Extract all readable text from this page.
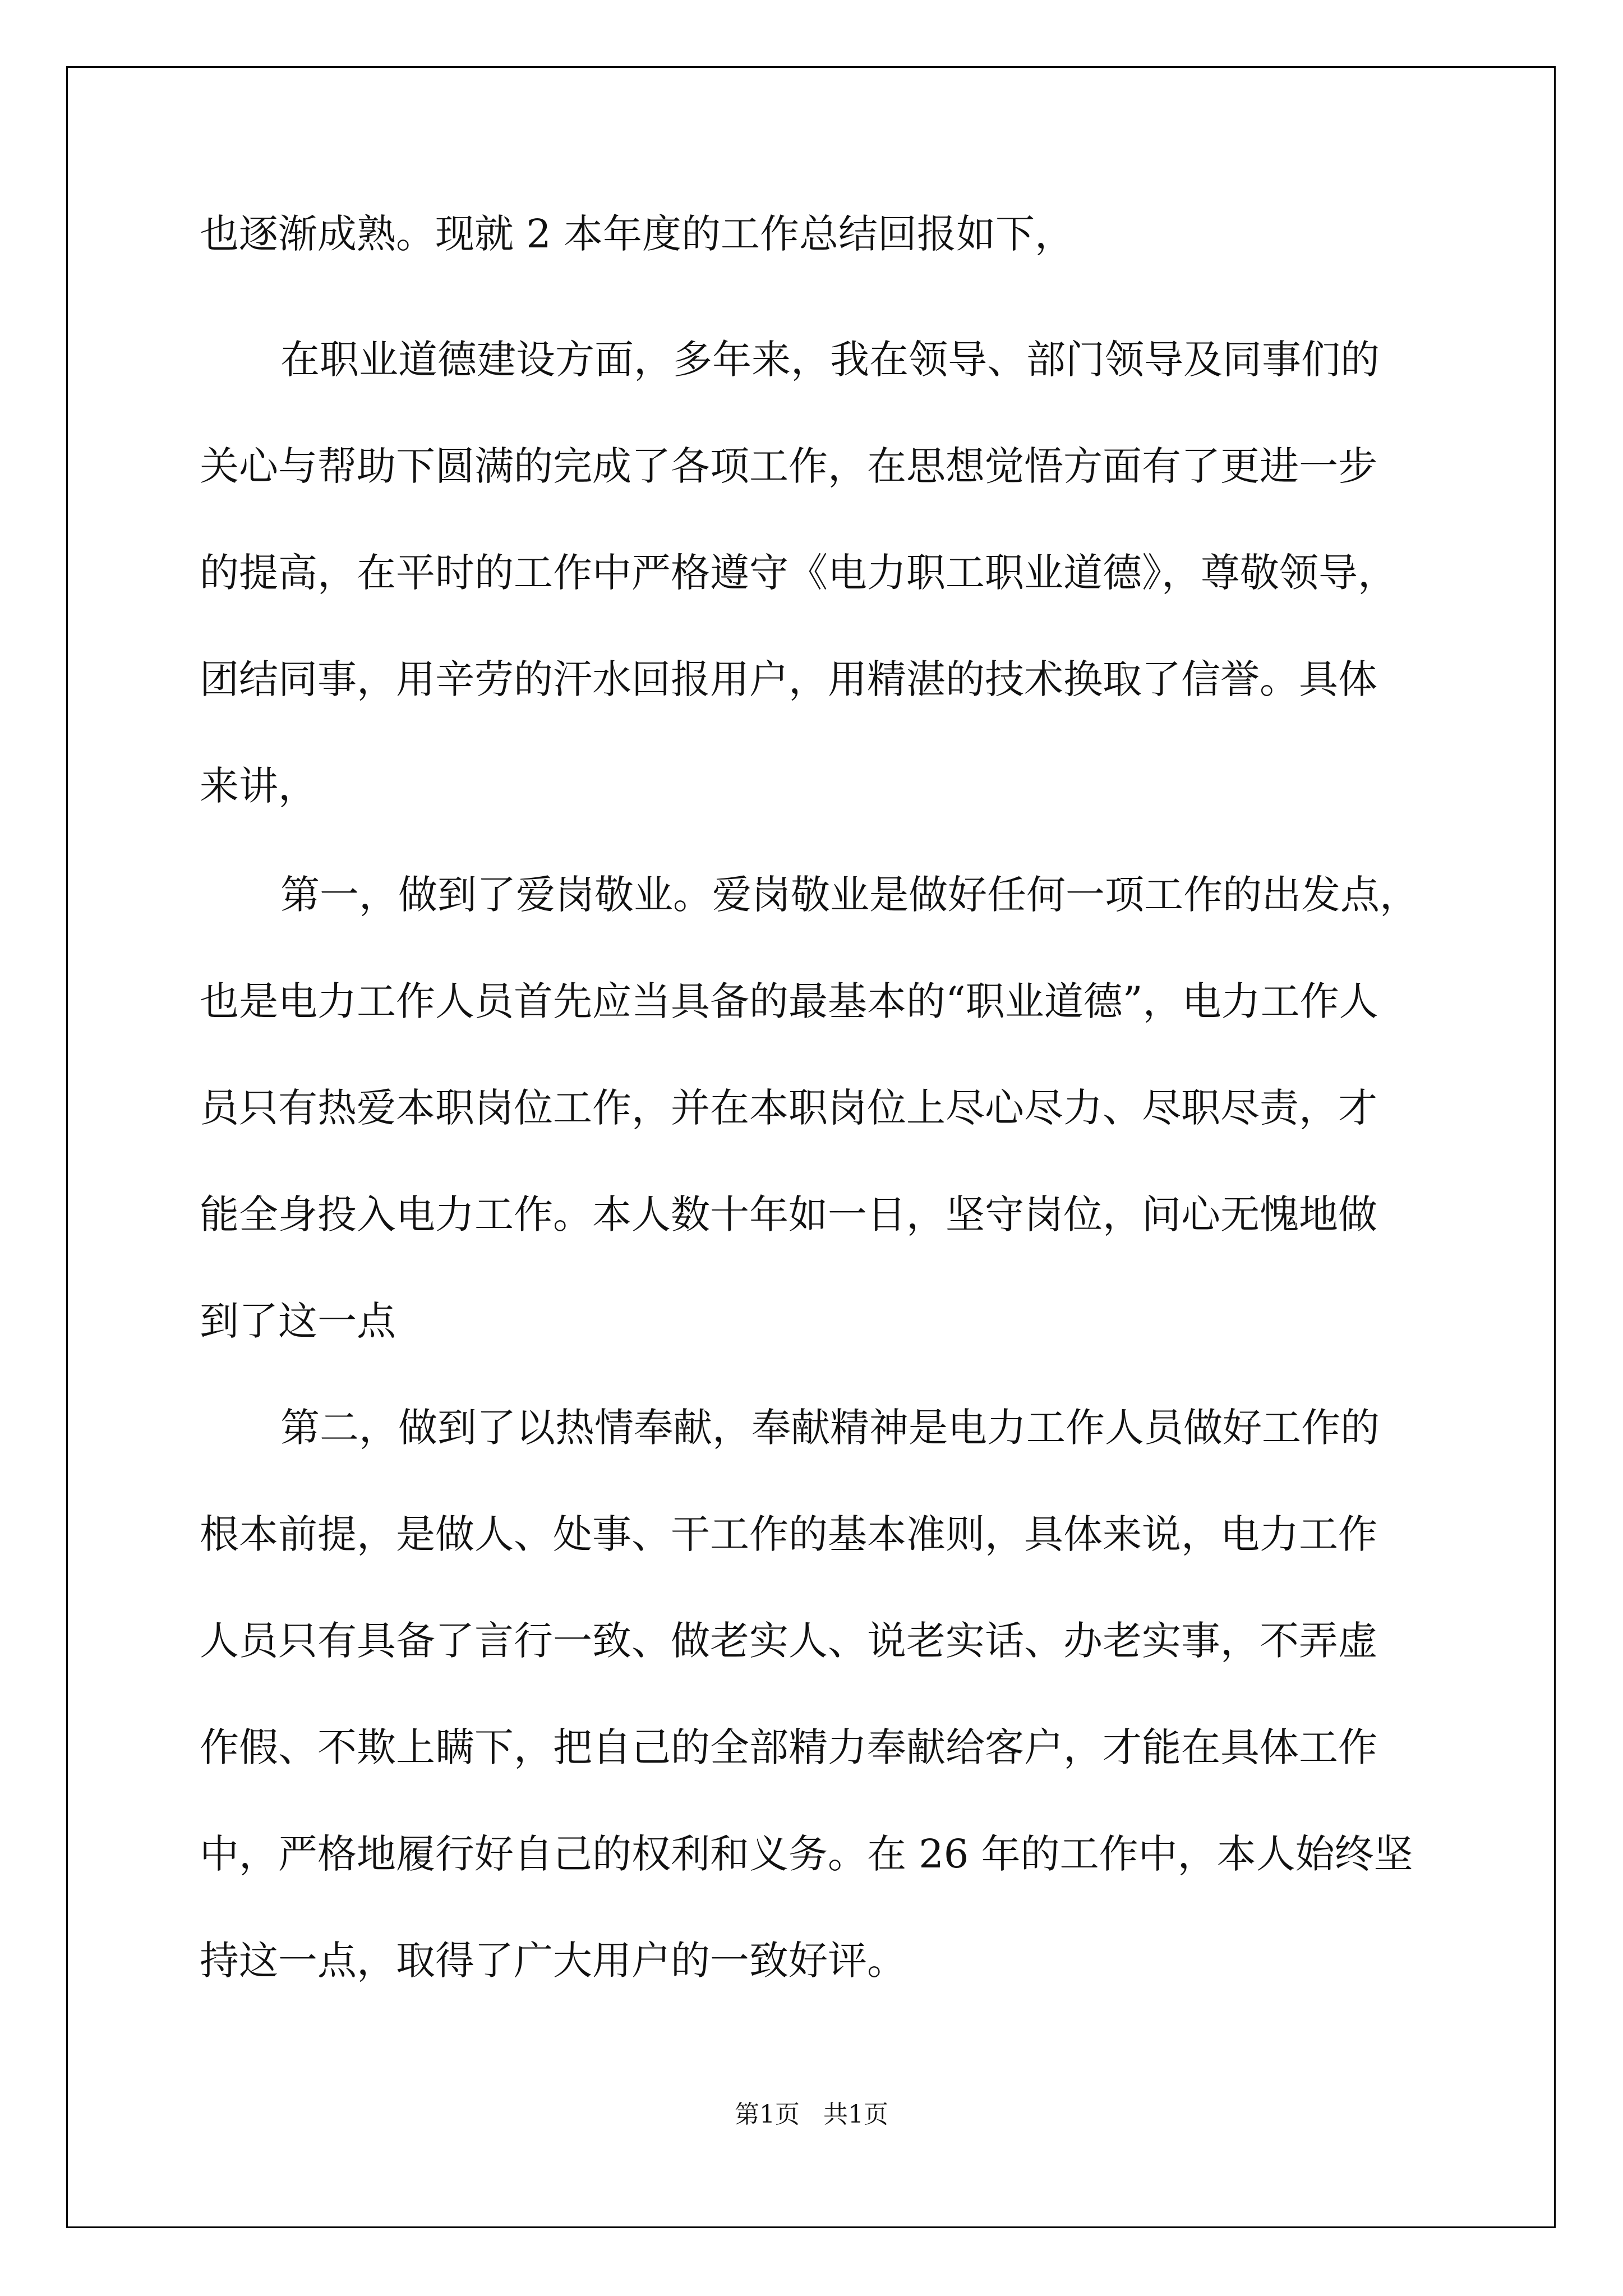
也逐渐成熟。现就 2 本年度的工作总结回报如下，
在职业道德建设方面，多年来，我在领导、部门领导及同事们的
关心与帮助下圆满的完成了各项工作，在思想觉悟方面有了更进一步
的提高，在平时的工作中严格遵守《电力职工职业道德》，尊敬领导，
团结同事，用辛劳的汗水回报用户，用精湛的技术换取了信誉。具体
来讲，
第一，做到了爱岗敬业。爱岗敬业是做好任何一项工作的出发点，
也是电力工作人员首先应当具备的最基本的“职业道德”，电力工作人
员只有热爱本职岗位工作，并在本职岗位上尽心尽力、尽职尽责，才
能全身投入电力工作。本人数十年如一日，坚守岗位，问心无愧地做
到了这一点
第二，做到了以热情奉献，奉献精神是电力工作人员做好工作的
根本前提，是做人、处事、干工作的基本准则，具体来说，电力工作
人员只有具备了言行一致、做老实人、说老实话、办老实事，不弄虚
作假、不欺上瞒下，把自己的全部精力奉献给客户，才能在具体工作
中，严格地履行好自己的权利和义务。在 26 年的工作中，本人始终坚
持这一点，取得了广大用户的一致好评。
第1页   共1页
